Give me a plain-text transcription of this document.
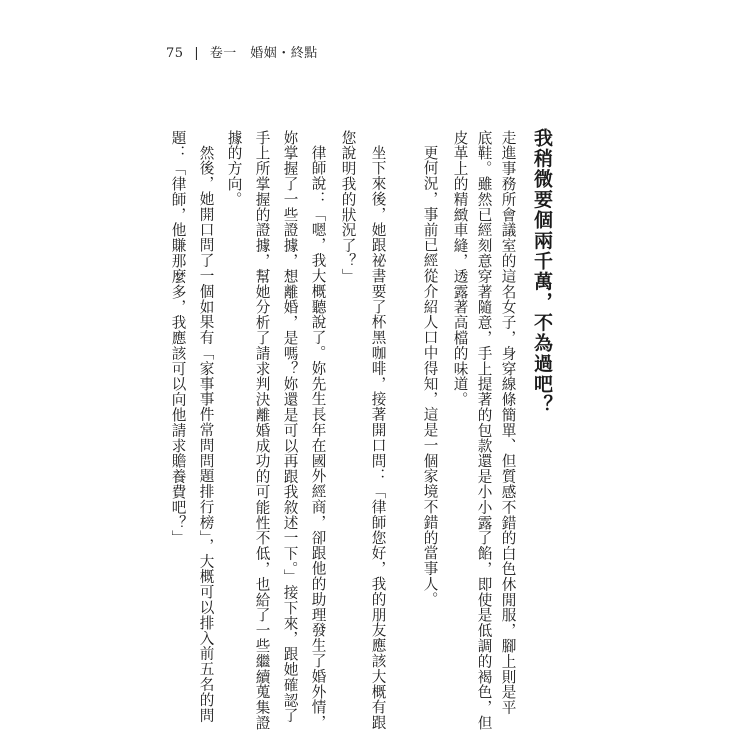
75 | 卷一　婚姻・終點
我稍微要個兩千萬，不為過吧？
走進事務所會議室的這名女子，身穿線條簡單、但質感不錯的白色休閒服，腳上則是平
底鞋。雖然已經刻意穿著隨意，手上提著的包款還是小小露了餡，即使是低調的褐色，但
皮革上的精緻車縫，透露著高檔的味道。
更何況，事前已經從介紹人口中得知，這是一個家境不錯的當事人。
坐下來後，她跟祕書要了杯黑咖啡，接著開口問：「律師您好，我的朋友應該大概有跟
您說明我的狀況了？」
律師說：「嗯，我大概聽說了。妳先生長年在國外經商，卻跟他的助理發生了婚外情，
妳掌握了一些證據，想離婚，是嗎？妳還是可以再跟我敘述一下。」接下來，跟她確認了
手上所掌握的證據，幫她分析了請求判決離婚成功的可能性不低，也給了一些繼續蒐集證
據的方向。
然後，她開口問了一個如果有「家事事件常問問題排行榜」，大概可以排入前五名的問
題：「律師，他賺那麼多，我應該可以向他請求贍養費吧？」
